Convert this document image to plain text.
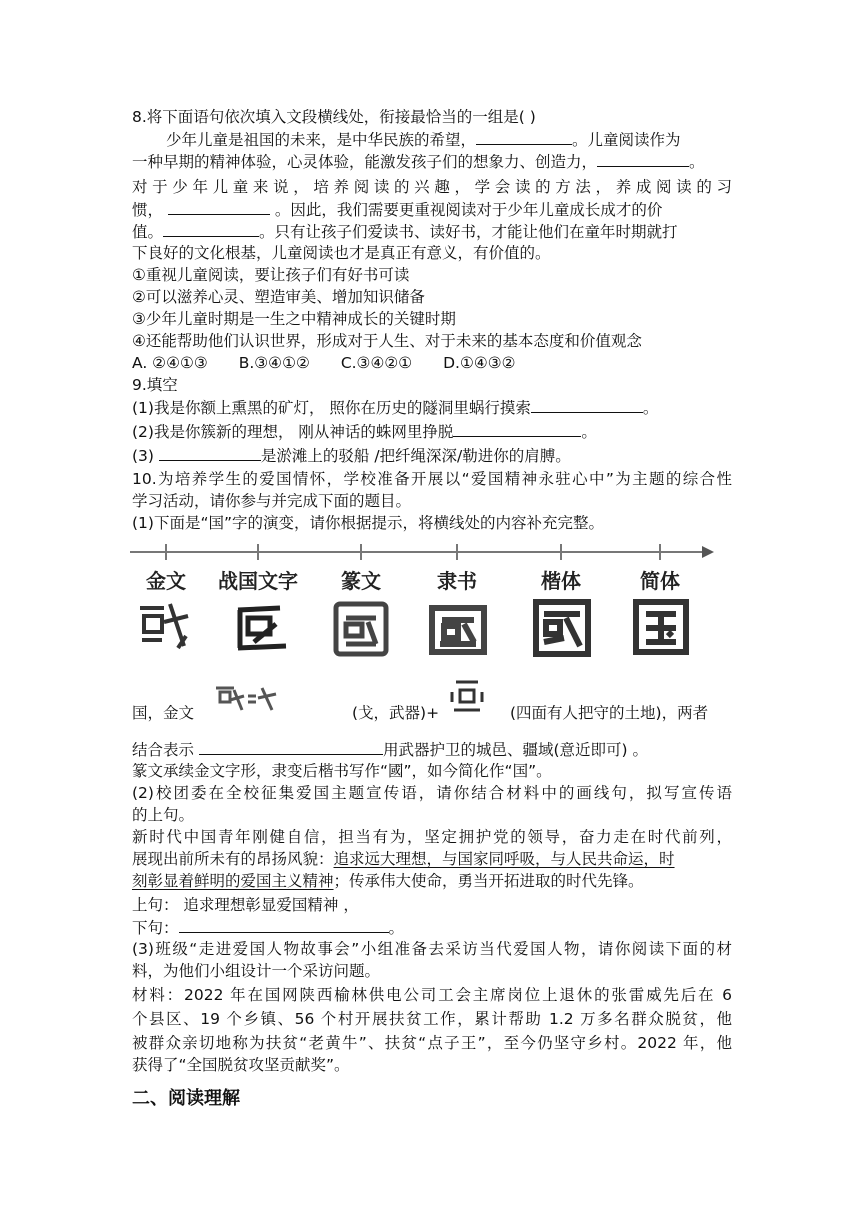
8.将下面语句依次填入文段横线处，衔接最恰当的一组是( )
少年儿童是祖国的未来，是中华民族的希望，	。儿童阅读作为
一种早期的精神体验，心灵体验，能激发孩子们的想象力、创造力，	。
对于少年儿童来说，培养阅读的兴趣，学会读的方法，养成阅读的习
惯，	。因此，我们需要更重视阅读对于少年儿童成长成才的价
值。	。只有让孩子们爱读书、读好书，才能让他们在童年时期就打
下良好的文化根基，儿童阅读也才是真正有意义，有价值的。
①重视儿童阅读，要让孩子们有好书可读
②可以滋养心灵、塑造审美、增加知识储备
③少年儿童时期是一生之中精神成长的关键时期
④还能帮助他们认识世界，形成对于人生、对于未来的基本态度和价值观念
A. ②④①③ B.③④①② C.③④②① D.①④③②
9.填空
(1)我是你额上熏黑的矿灯， 照你在历史的隧洞里蜗行摸索	。
(2)我是你簇新的理想， 刚从神话的蛛网里挣脱	。
(3)	是淤滩上的驳船 /把纤绳深深/勒进你的肩膊。
10.为培养学生的爱国情怀，学校准备开展以“爱国精神永驻心中”为主题的综合性
学习活动，请你参与并完成下面的题目。
(1)下面是“国”字的演变，请你根据提示，将横线处的内容补充完整。
金文 战国文字 篆文	隶书	楷体	简体
国，金文	(戈，武器)+	(四面有人把守的土地)，两者
结合表示	用武器护卫的城邑、疆域(意近即可) 。
篆文承续金文字形，隶变后楷书写作“國”，如今简化作“国”。
(2)校团委在全校征集爱国主题宣传语，请你结合材料中的画线句，拟写宣传语
的上句。
新时代中国青年刚健自信，担当有为，坚定拥护党的领导，奋力走在时代前列，
展现出前所未有的昂扬风貌：追求远大理想，与国家同呼吸，与人民共命运，时
刻彰显着鲜明的爱国主义精神；传承伟大使命，勇当开拓进取的时代先锋。
上句： 追求理想彰显爱国精神 ，
下句：	。
(3)班级“走进爱国人物故事会”小组准备去采访当代爱国人物，请你阅读下面的材
料，为他们小组设计一个采访问题。
材料：2022 年在国网陕西榆林供电公司工会主席岗位上退休的张雷威先后在 6
个县区、19 个乡镇、56 个村开展扶贫工作，累计帮助 1.2 万多名群众脱贫，他
被群众亲切地称为扶贫“老黄牛”、扶贫“点子王”，至今仍坚守乡村。2022 年，他
获得了“全国脱贫攻坚贡献奖”。
二、阅读理解
